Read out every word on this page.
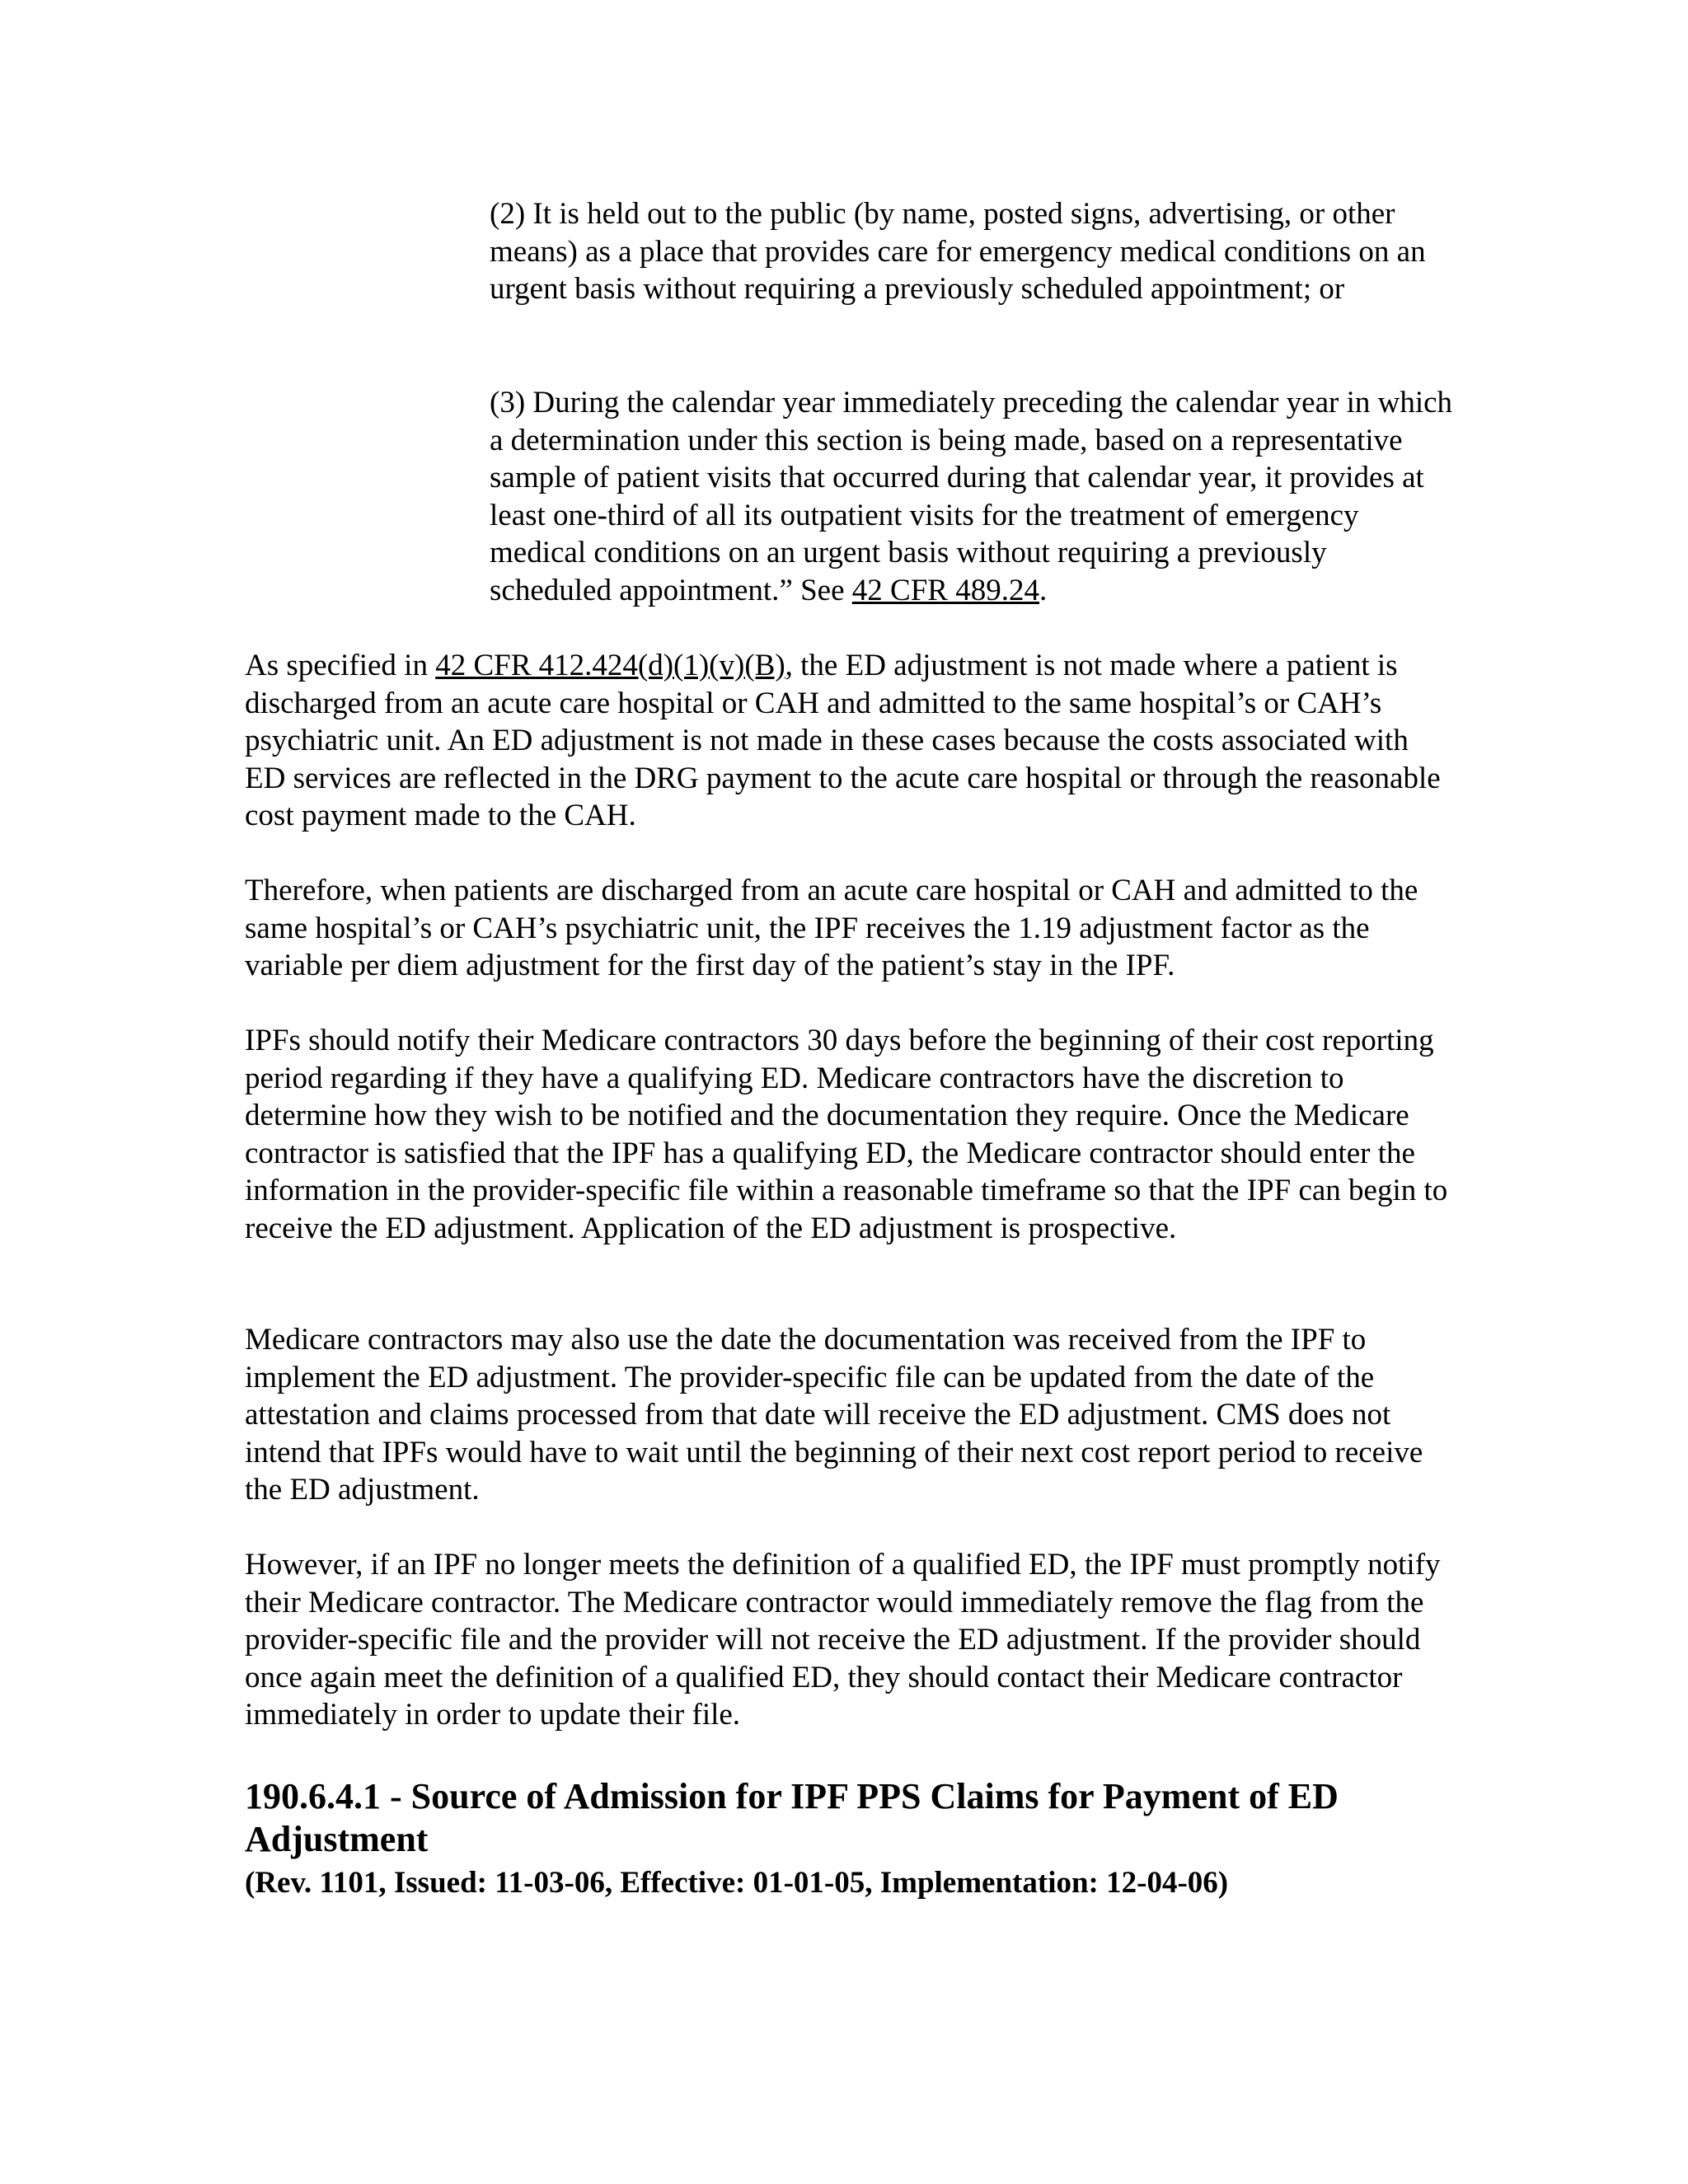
(2) It is held out to the public (by name, posted signs, advertising, or other means) as a place that provides care for emergency medical conditions on an urgent basis without requiring a previously scheduled appointment; or

(3) During the calendar year immediately preceding the calendar year in which a determination under this section is being made, based on a representative sample of patient visits that occurred during that calendar year, it provides at least one-third of all its outpatient visits for the treatment of emergency medical conditions on an urgent basis without requiring a previously scheduled appointment.” See 42 CFR 489.24.

As specified in 42 CFR 412.424(d)(1)(v)(B), the ED adjustment is not made where a patient is discharged from an acute care hospital or CAH and admitted to the same hospital’s or CAH’s psychiatric unit. An ED adjustment is not made in these cases because the costs associated with ED services are reflected in the DRG payment to the acute care hospital or through the reasonable cost payment made to the CAH.

Therefore, when patients are discharged from an acute care hospital or CAH and admitted to the same hospital’s or CAH’s psychiatric unit, the IPF receives the 1.19 adjustment factor as the variable per diem adjustment for the first day of the patient’s stay in the IPF.

IPFs should notify their Medicare contractors 30 days before the beginning of their cost reporting period regarding if they have a qualifying ED. Medicare contractors have the discretion to determine how they wish to be notified and the documentation they require. Once the Medicare contractor is satisfied that the IPF has a qualifying ED, the Medicare contractor should enter the information in the provider-specific file within a reasonable timeframe so that the IPF can begin to receive the ED adjustment. Application of the ED adjustment is prospective.

Medicare contractors may also use the date the documentation was received from the IPF to implement the ED adjustment. The provider-specific file can be updated from the date of the attestation and claims processed from that date will receive the ED adjustment. CMS does not intend that IPFs would have to wait until the beginning of their next cost report period to receive the ED adjustment.

However, if an IPF no longer meets the definition of a qualified ED, the IPF must promptly notify their Medicare contractor. The Medicare contractor would immediately remove the flag from the provider-specific file and the provider will not receive the ED adjustment. If the provider should once again meet the definition of a qualified ED, they should contact their Medicare contractor immediately in order to update their file.

190.6.4.1 - Source of Admission for IPF PPS Claims for Payment of ED Adjustment

(Rev. 1101, Issued: 11-03-06, Effective: 01-01-05, Implementation: 12-04-06)
